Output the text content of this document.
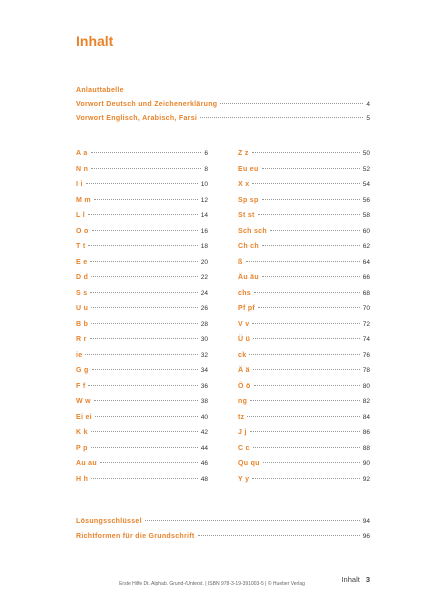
Inhalt
Anlauttabelle
Vorwort Deutsch und Zeichenerklärung	4
Vorwort Englisch, Arabisch, Farsi	5
A a	6
N n	8
I i	10
M m	12
L l	14
O o	16
T t	18
E e	20
D d	22
S s	24
U u	26
B b	28
R r	30
ie	32
G g	34
F f	36
W w	38
Ei ei	40
K k	42
P p	44
Au au	46
H h	48
Z z	50
Eu eu	52
X x	54
Sp sp	56
St st	58
Sch sch	60
Ch ch	62
ß	64
Äu äu	66
chs	68
Pf pf	70
V v	72
Ü ü	74
ck	76
Ä ä	78
Ö ö	80
ng	82
tz	84
J j	86
C c	88
Qu qu	90
Y y	92
Lösungsschlüssel	94
Richtformen für die Grundschrift	96
Erste Hilfe Dt. Alphab. Grund-/Unterst. | ISBN 978-3-19-391003-5 | © Hueber Verlag	Inhalt 3
